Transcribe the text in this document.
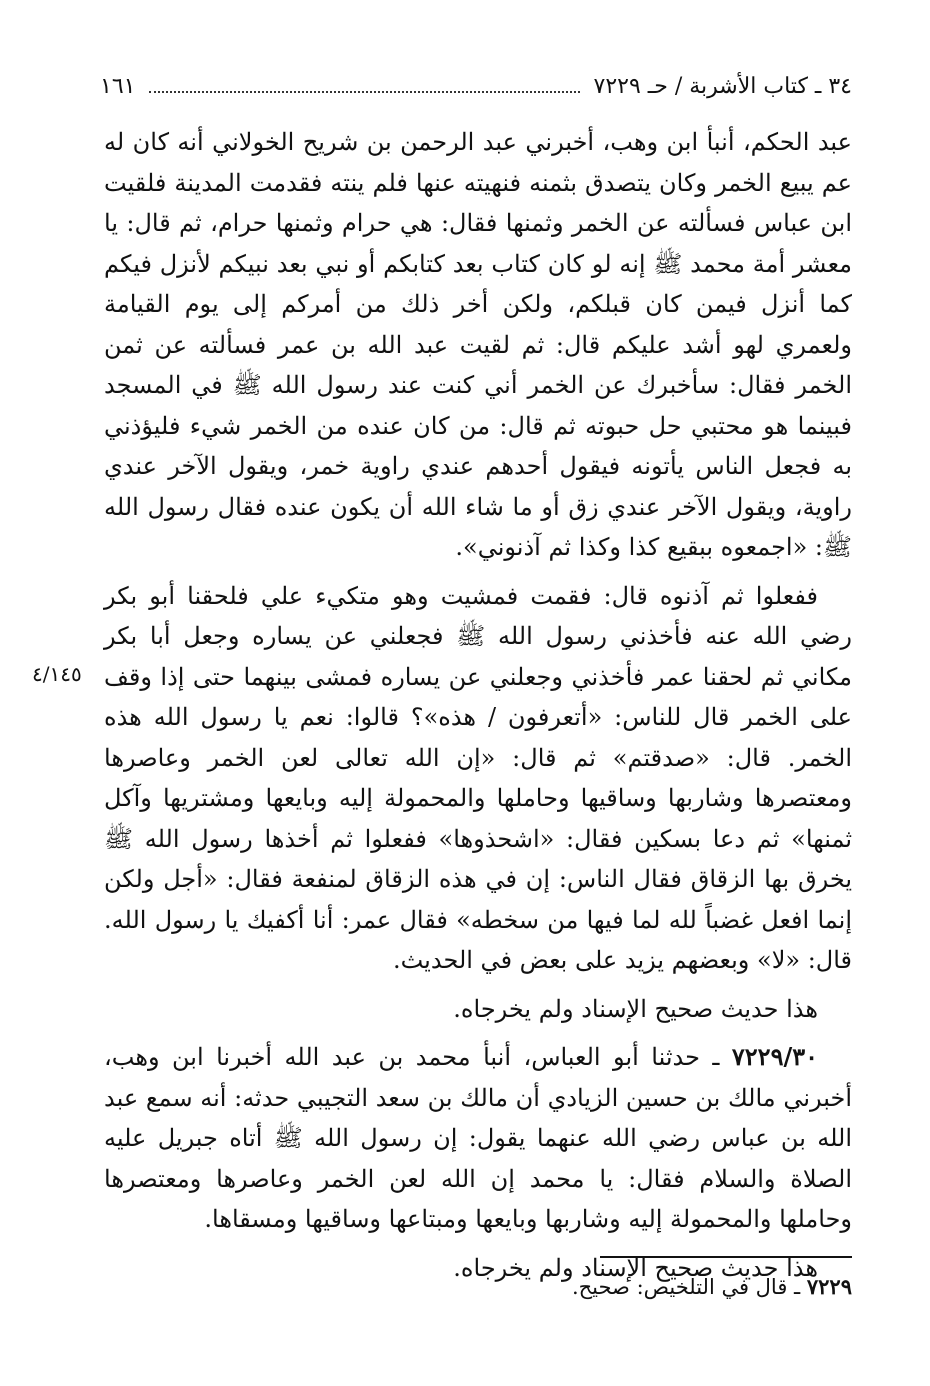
٣٤ ـ كتاب الأشربة / حـ ٧٢٢٩
١٦١
٤/١٤٥

عبد الحكم، أنبأ ابن وهب، أخبرني عبد الرحمن بن شريح الخولاني أنه كان له عم يبيع الخمر وكان يتصدق بثمنه فنهيته عنها فلم ينته فقدمت المدينة فلقيت ابن عباس فسألته عن الخمر وثمنها فقال: هي حرام وثمنها حرام، ثم قال: يا معشر أمة محمد ﷺ إنه لو كان كتاب بعد كتابكم أو نبي بعد نبيكم لأنزل فيكم كما أنزل فيمن كان قبلكم، ولكن أخر ذلك من أمركم إلى يوم القيامة ولعمري لهو أشد عليكم قال: ثم لقيت عبد الله بن عمر فسألته عن ثمن الخمر فقال: سأخبرك عن الخمر أني كنت عند رسول الله ﷺ في المسجد فبينما هو محتبي حل حبوته ثم قال: من كان عنده من الخمر شيء فليؤذني به فجعل الناس يأتونه فيقول أحدهم عندي راوية خمر، ويقول الآخر عندي راوية، ويقول الآخر عندي زق أو ما شاء الله أن يكون عنده فقال رسول الله ﷺ: «اجمعوه ببقيع كذا وكذا ثم آذنوني».

ففعلوا ثم آذنوه قال: فقمت فمشيت وهو متكيء علي فلحقنا أبو بكر رضي الله عنه فأخذني رسول الله ﷺ فجعلني عن يساره وجعل أبا بكر مكاني ثم لحقنا عمر فأخذني وجعلني عن يساره فمشى بينهما حتى إذا وقف على الخمر قال للناس: «أتعرفون / هذه»؟ قالوا: نعم يا رسول الله هذه الخمر. قال: «صدقتم» ثم قال: «إن الله تعالى لعن الخمر وعاصرها ومعتصرها وشاربها وساقيها وحاملها والمحمولة إليه وبايعها ومشتريها وآكل ثمنها» ثم دعا بسكين فقال: «اشحذوها» ففعلوا ثم أخذها رسول الله ﷺ يخرق بها الزقاق فقال الناس: إن في هذه الزقاق لمنفعة فقال: «أجل ولكن إنما افعل غضباً لله لما فيها من سخطه» فقال عمر: أنا أكفيك يا رسول الله. قال: «لا» وبعضهم يزيد على بعض في الحديث.

هذا حديث صحيح الإسناد ولم يخرجاه.

٧٢٢٩/٣٠ ـ حدثنا أبو العباس، أنبأ محمد بن عبد الله أخبرنا ابن وهب، أخبرني مالك بن حسين الزيادي أن مالك بن سعد التجيبي حدثه: أنه سمع عبد الله بن عباس رضي الله عنهما يقول: إن رسول الله ﷺ أتاه جبريل عليه الصلاة والسلام فقال: يا محمد إن الله لعن الخمر وعاصرها ومعتصرها وحاملها والمحمولة إليه وشاربها وبايعها ومبتاعها وساقيها ومسقاها.

هذا حديث صحيح الإسناد ولم يخرجاه.

٧٢٢٩ ـ قال في التلخيص: صحيح.
